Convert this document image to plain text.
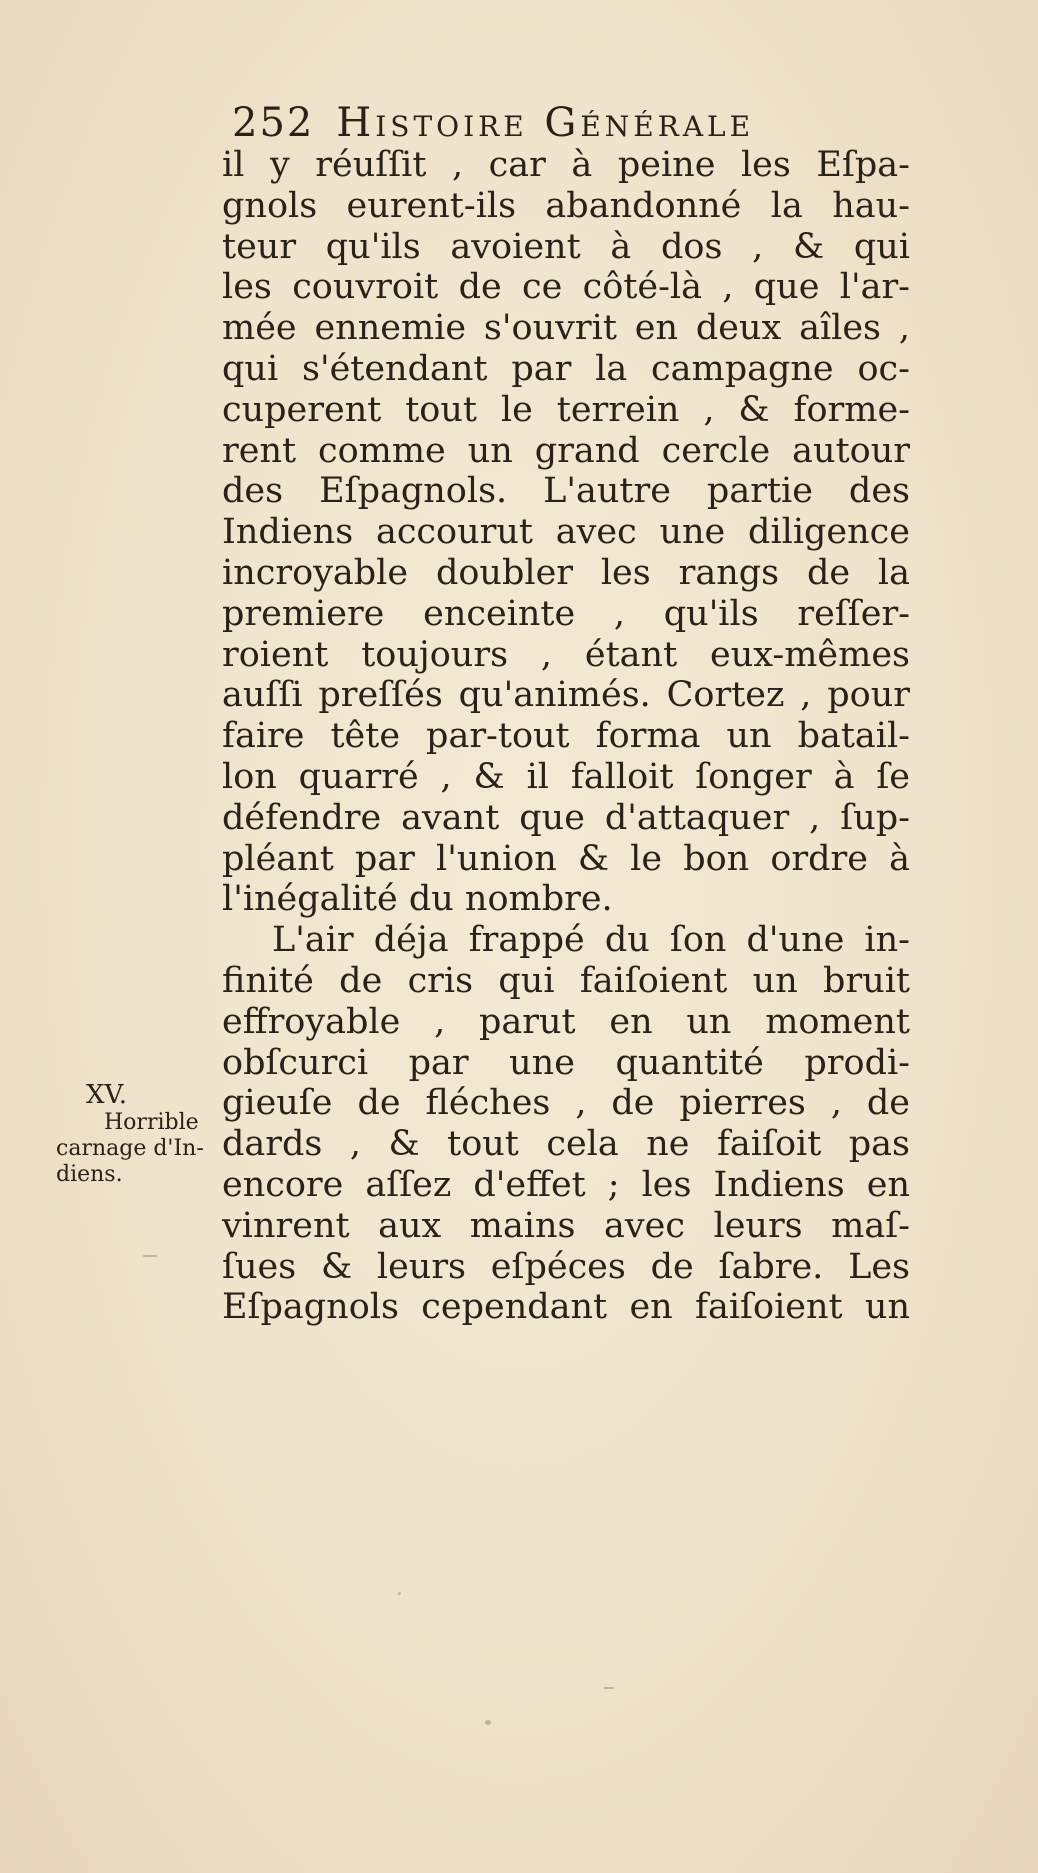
252 Histoire Générale
XV.
Horrible
carnage d'In-
diens.
il y réuſſit , car à peine les Eſpa-
gnols eurent-ils abandonné la hau-
teur qu'ils avoient à dos , & qui
les couvroit de ce côté-là , que l'ar-
mée ennemie s'ouvrit en deux aîles ,
qui s'étendant par la campagne oc-
cuperent tout le terrein , & forme-
rent comme un grand cercle autour
des Eſpagnols. L'autre partie des
Indiens accourut avec une diligence
incroyable doubler les rangs de la
premiere enceinte , qu'ils reſſer-
roient toujours , étant eux-mêmes
auſſi preſſés qu'animés. Cortez , pour
faire tête par-tout forma un batail-
lon quarré , & il falloit ſonger à ſe
défendre avant que d'attaquer , ſup-
pléant par l'union & le bon ordre à
l'inégalité du nombre.
L'air déja frappé du ſon d'une in-
finité de cris qui faiſoient un bruit
effroyable , parut en un moment
obſcurci par une quantité prodi-
gieuſe de fléches , de pierres , de
dards , & tout cela ne faiſoit pas
encore aſſez d'effet ; les Indiens en
vinrent aux mains avec leurs maſ-
ſues & leurs eſpéces de ſabre. Les
Eſpagnols cependant en faiſoient un
